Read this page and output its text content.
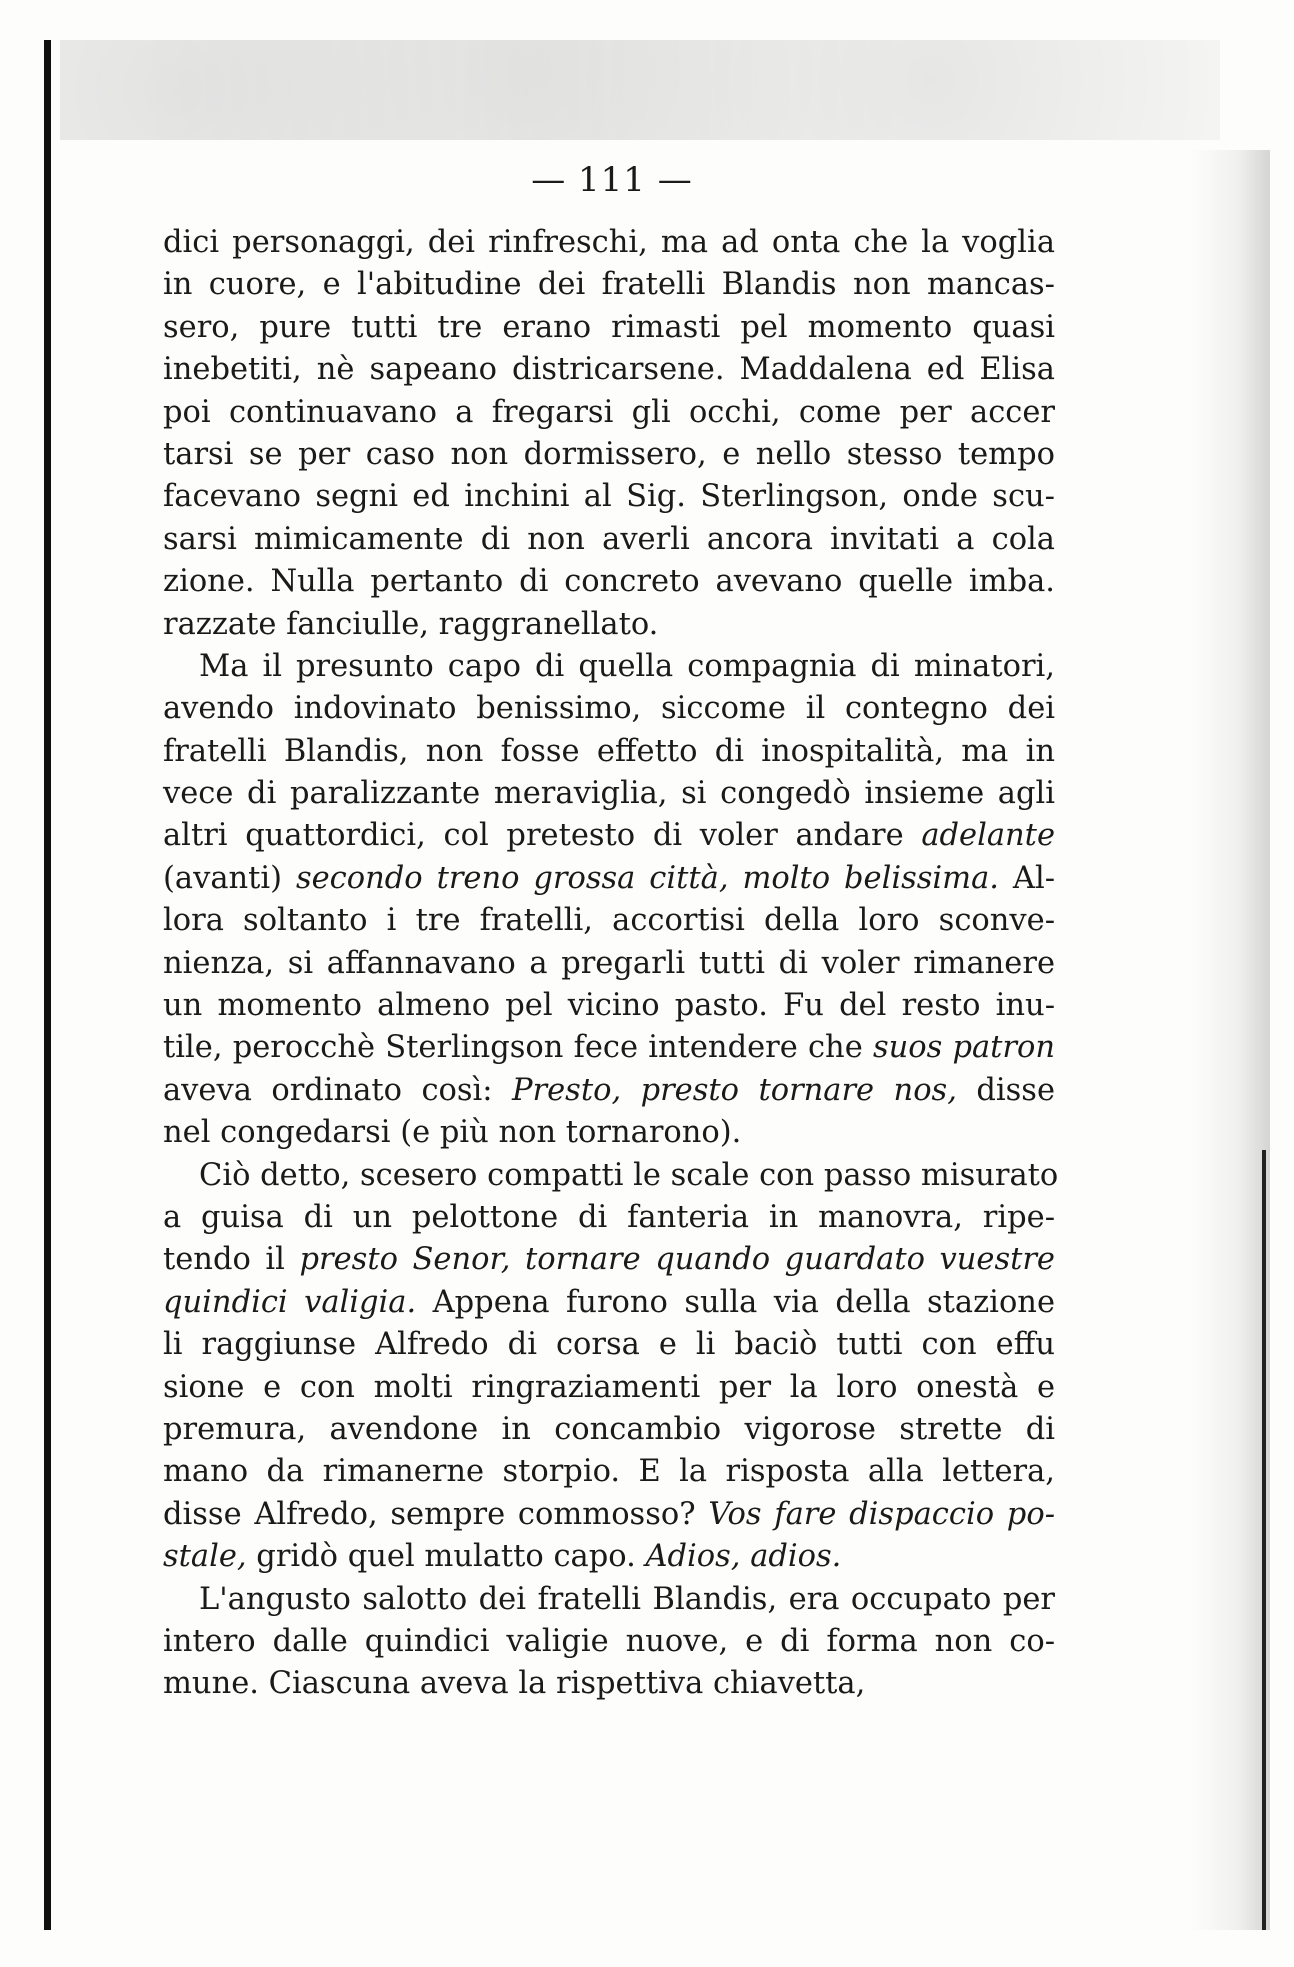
— 111 —
dici personaggi, dei rinfreschi, ma ad onta che la voglia
in cuore, e l'abitudine dei fratelli Blandis non mancas-
sero, pure tutti tre erano rimasti pel momento quasi
inebetiti, nè sapeano districarsene. Maddalena ed Elisa
poi continuavano a fregarsi gli occhi, come per accer
tarsi se per caso non dormissero, e nello stesso tempo
facevano segni ed inchini al Sig. Sterlingson, onde scu-
sarsi mimicamente di non averli ancora invitati a cola
zione. Nulla pertanto di concreto avevano quelle imba.
razzate fanciulle, raggranellato.
Ma il presunto capo di quella compagnia di minatori,
avendo indovinato benissimo, siccome il contegno dei
fratelli Blandis, non fosse effetto di inospitalità, ma in
vece di paralizzante meraviglia, si congedò insieme agli
altri quattordici, col pretesto di voler andare adelante
(avanti) secondo treno grossa città, molto belissima. Al-
lora soltanto i tre fratelli, accortisi della loro sconve-
nienza, si affannavano a pregarli tutti di voler rimanere
un momento almeno pel vicino pasto. Fu del resto inu-
tile, perocchè Sterlingson fece intendere che suos patron
aveva ordinato così: Presto, presto tornare nos, disse
nel congedarsi (e più non tornarono).
Ciò detto, scesero compatti le scale con passo misurato
a guisa di un pelottone di fanteria in manovra, ripe-
tendo il presto Senor, tornare quando guardato vuestre
quindici valigia. Appena furono sulla via della stazione
li raggiunse Alfredo di corsa e li baciò tutti con effu
sione e con molti ringraziamenti per la loro onestà e
premura, avendone in concambio vigorose strette di
mano da rimanerne storpio. E la risposta alla lettera,
disse Alfredo, sempre commosso? Vos fare dispaccio po-
stale, gridò quel mulatto capo. Adios, adios.
L'angusto salotto dei fratelli Blandis, era occupato per
intero dalle quindici valigie nuove, e di forma non co-
mune. Ciascuna aveva la rispettiva chiavetta,
